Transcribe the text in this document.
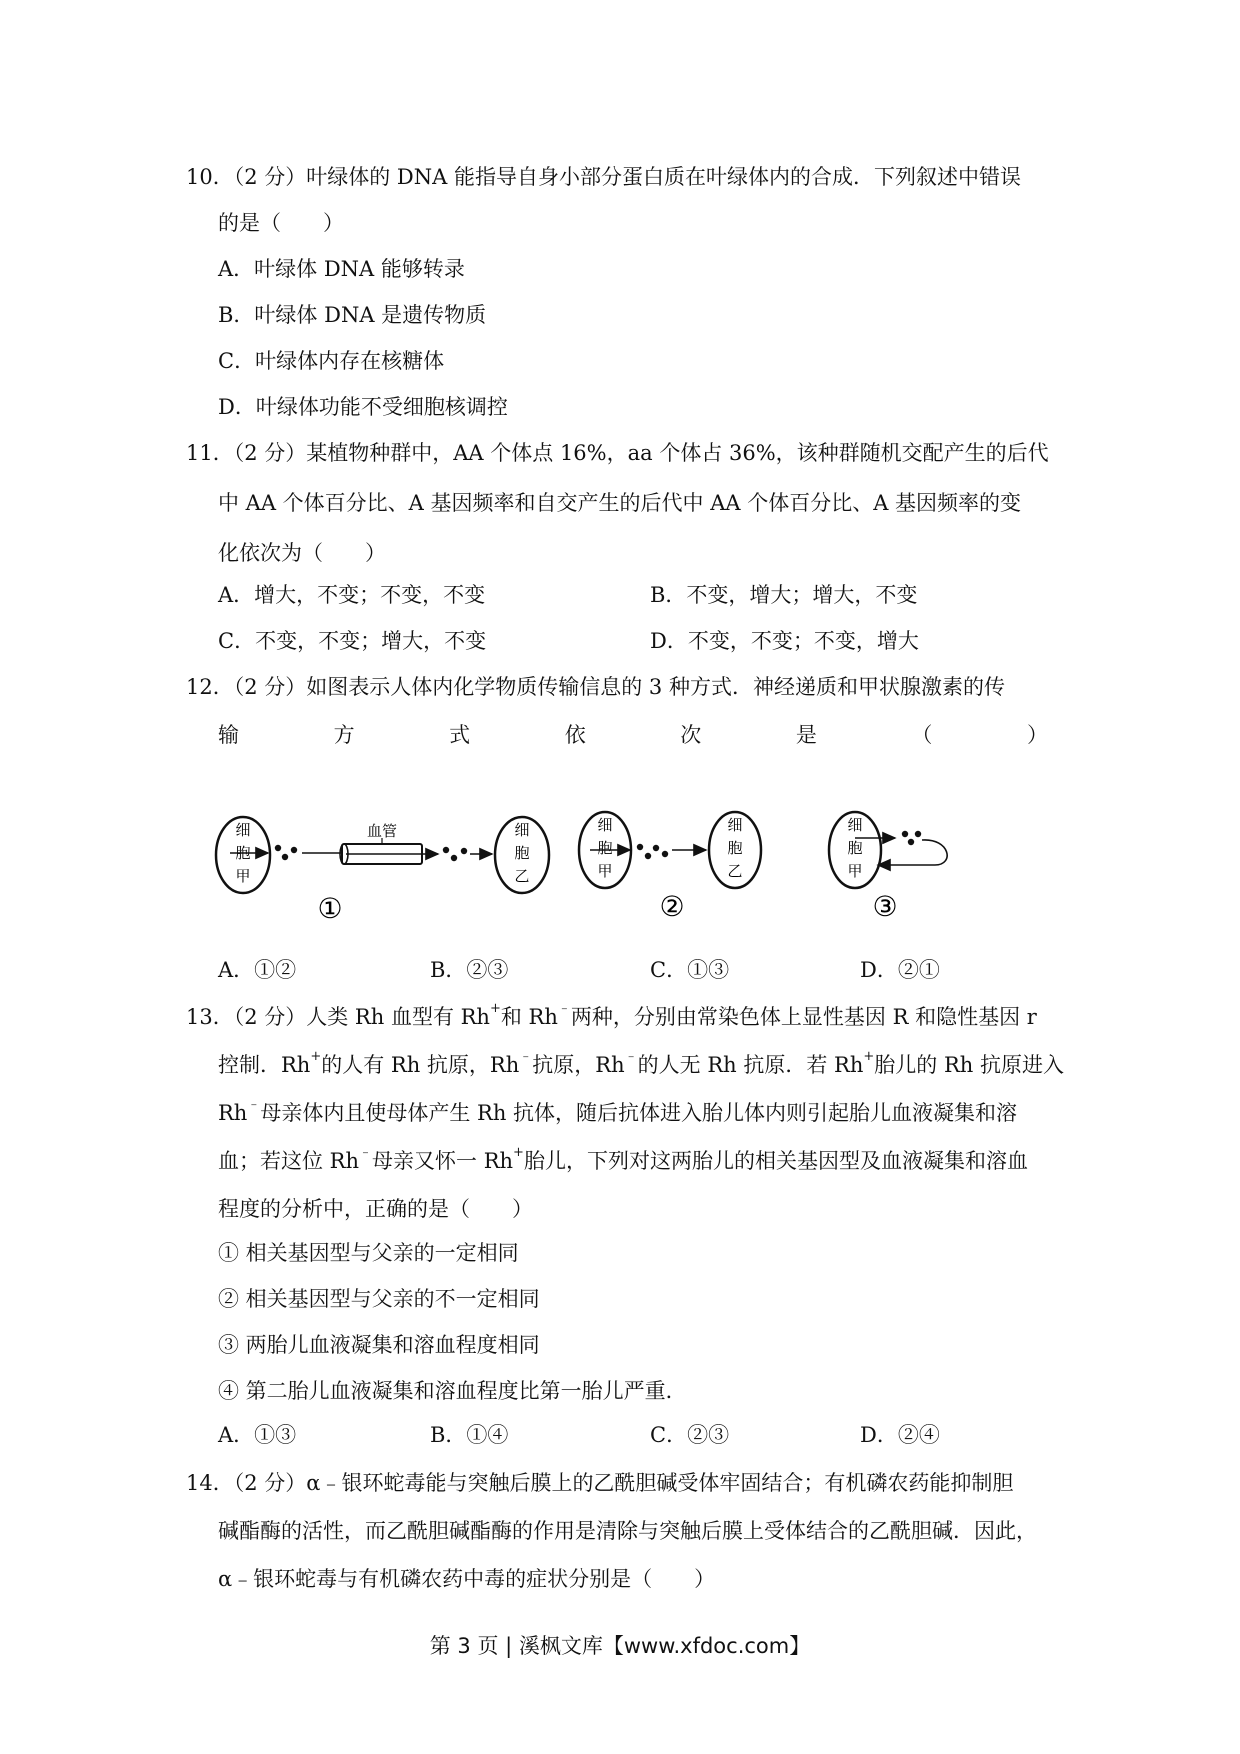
10．（2 分）叶绿体的 DNA 能指导自身小部分蛋白质在叶绿体内的合成．下列叙述中错误
的是（　　）
A．叶绿体 DNA 能够转录
B．叶绿体 DNA 是遗传物质
C．叶绿体内存在核糖体
D．叶绿体功能不受细胞核调控
11．（2 分）某植物种群中，AA 个体点 16%，aa 个体占 36%，该种群随机交配产生的后代
中 AA 个体百分比、A 基因频率和自交产生的后代中 AA 个体百分比、A 基因频率的变
化依次为（　　）
A．增大，不变；不变，不变	B．不变，增大；增大，不变
C．不变，不变；增大，不变	D．不变，不变；不变，增大
12．（2 分）如图表示人体内化学物质传输信息的 3 种方式．神经递质和甲状腺激素的传
输	方	式	依	次	是	（	）
细
胞
甲
血管	细
胞
乙
①
细
胞
甲
细
胞
乙
②
细
胞
甲
③
A．①②	B．②③	C．①③	D．②①
13．（2 分）人类 Rh 血型有 Rh+和 Rh﹣两种，分别由常染色体上显性基因 R 和隐性基因 r
控制．Rh+的人有 Rh 抗原，Rh﹣抗原，Rh﹣的人无 Rh 抗原．若 Rh+胎儿的 Rh 抗原进入
Rh﹣母亲体内且使母体产生 Rh 抗体，随后抗体进入胎儿体内则引起胎儿血液凝集和溶
血；若这位 Rh﹣母亲又怀一 Rh+胎儿，下列对这两胎儿的相关基因型及血液凝集和溶血
程度的分析中，正确的是（　　）
① 相关基因型与父亲的一定相同
② 相关基因型与父亲的不一定相同
③ 两胎儿血液凝集和溶血程度相同
④ 第二胎儿血液凝集和溶血程度比第一胎儿严重．
A．①③	B．①④	C．②③	D．②④
14．（2 分）α﹣银环蛇毒能与突触后膜上的乙酰胆碱受体牢固结合；有机磷农药能抑制胆
碱酯酶的活性，而乙酰胆碱酯酶的作用是清除与突触后膜上受体结合的乙酰胆碱．因此，
α﹣银环蛇毒与有机磷农药中毒的症状分别是（　　）
第 3 页 | 溪枫文库【www.xfdoc.com】
